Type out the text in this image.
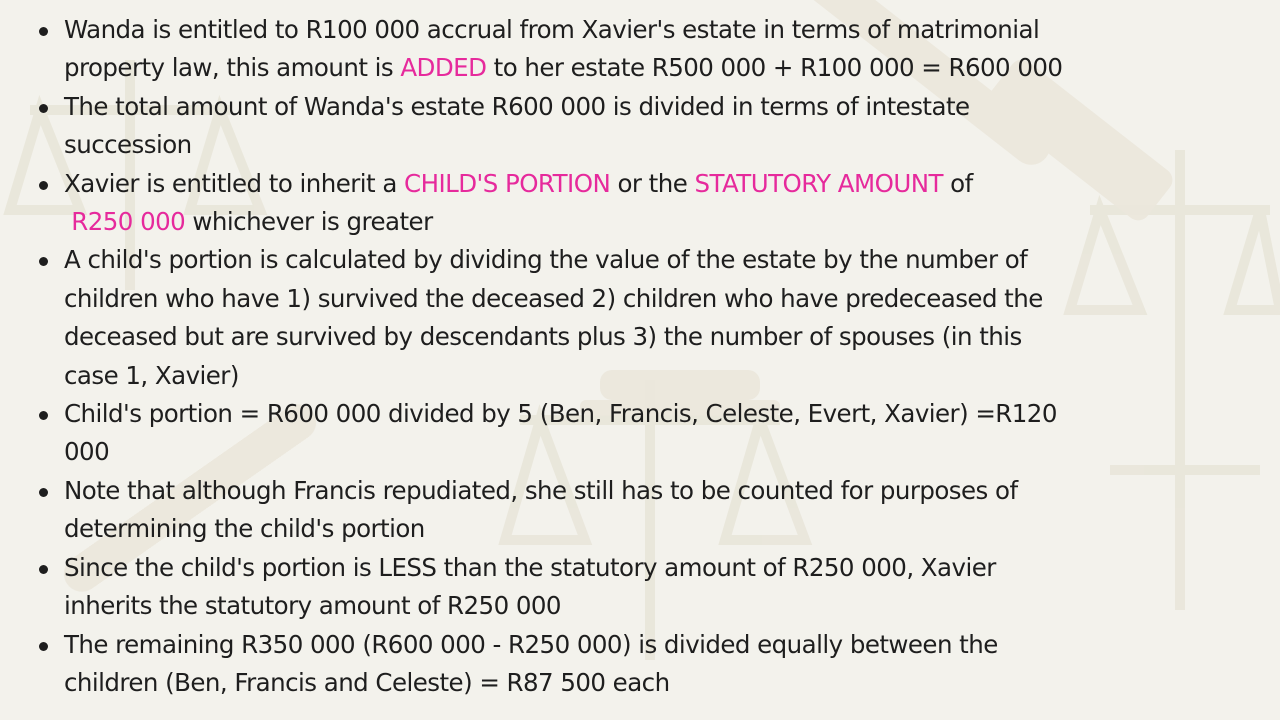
Wanda is entitled to R100 000 accrual from Xavier's estate in terms of matrimonial
property law, this amount is ADDED to her estate R500 000 + R100 000 = R600 000
The total amount of Wanda's estate R600 000 is divided in terms of intestate
succession
Xavier is entitled to inherit a CHILD'S PORTION or the STATUTORY AMOUNT of
R250 000 whichever is greater
A child's portion is calculated by dividing the value of the estate by the number of
children who have 1) survived the deceased 2) children who have predeceased the
deceased but are survived by descendants plus 3) the number of spouses (in this
case 1, Xavier)
Child's portion = R600 000 divided by 5 (Ben, Francis, Celeste, Evert, Xavier) =R120
000
Note that although Francis repudiated, she still has to be counted for purposes of
determining the child's portion
Since the child's portion is LESS than the statutory amount of R250 000, Xavier
inherits the statutory amount of R250 000
The remaining R350 000 (R600 000 - R250 000) is divided equally between the
children (Ben, Francis and Celeste) = R87 500 each
